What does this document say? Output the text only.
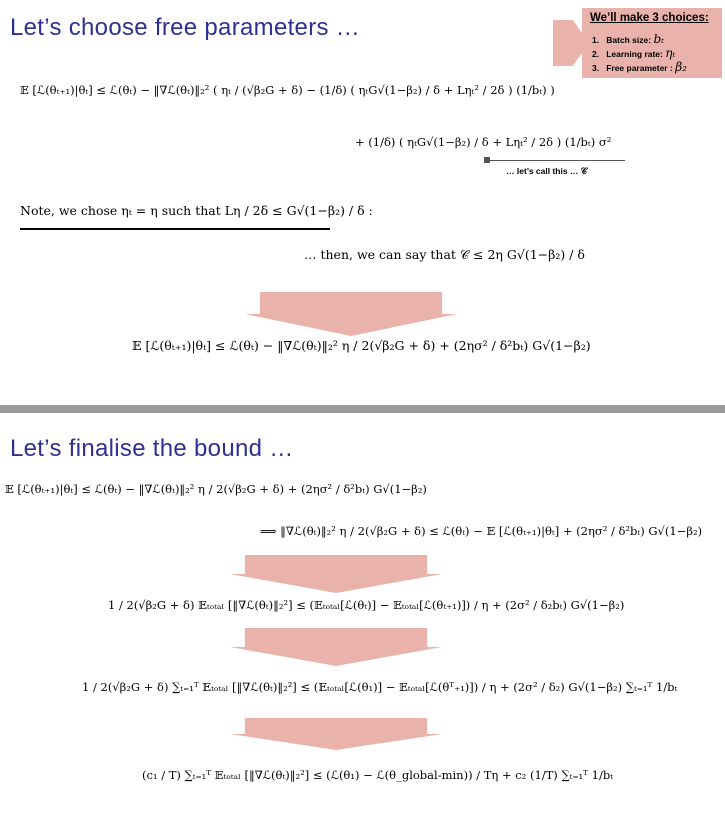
Let’s choose free parameters …	We’ll make 3 choices:
1. Batch size: bₜ
2. Learning rate: ηₜ
3. Free parameter : β₂
𝔼 [ℒ(θₜ₊₁)|θₜ] ≤ ℒ(θₜ) − ‖∇ℒ(θₜ)‖₂² ( ηₜ / (√β₂G + δ) − (1/δ) ( ηₜG√(1−β₂) / δ + Lηₜ² / 2δ ) (1/bₜ) )
+ (1/δ) ( ηₜG√(1−β₂) / δ + Lηₜ² / 2δ ) (1/bₜ) σ²
… let’s call this … 𝒞
Note, we chose ηₜ = η such that Lη / 2δ ≤ G√(1−β₂) / δ :
… then, we can say that 𝒞 ≤ 2η G√(1−β₂) / δ
𝔼 [ℒ(θₜ₊₁)|θₜ] ≤ ℒ(θₜ) − ‖∇ℒ(θₜ)‖₂² η / 2(√β₂G + δ) + (2ησ² / δ²bₜ) G√(1−β₂)
Let’s finalise the bound …
𝔼 [ℒ(θₜ₊₁)|θₜ] ≤ ℒ(θₜ) − ‖∇ℒ(θₜ)‖₂² η / 2(√β₂G + δ) + (2ησ² / δ²bₜ) G√(1−β₂)
⟹ ‖∇ℒ(θₜ)‖₂² η / 2(√β₂G + δ) ≤ ℒ(θₜ) − 𝔼 [ℒ(θₜ₊₁)|θₜ] + (2ησ² / δ²bₜ) G√(1−β₂)
1 / 2(√β₂G + δ) 𝔼ₜₒₜₐₗ [‖∇ℒ(θₜ)‖₂²] ≤ (𝔼ₜₒₜₐₗ[ℒ(θₜ)] − 𝔼ₜₒₜₐₗ[ℒ(θₜ₊₁)]) / η + (2σ² / δ₂bₜ) G√(1−β₂)
1 / 2(√β₂G + δ) ∑ₜ₌₁ᵀ 𝔼ₜₒₜₐₗ [‖∇ℒ(θₜ)‖₂²] ≤ (𝔼ₜₒₜₐₗ[ℒ(θ₁)] − 𝔼ₜₒₜₐₗ[ℒ(θᵀ₊₁)]) / η + (2σ² / δ₂) G√(1−β₂) ∑ₜ₌₁ᵀ 1/bₜ
(c₁ / T) ∑ₜ₌₁ᵀ 𝔼ₜₒₜₐₗ [‖∇ℒ(θₜ)‖₂²] ≤ (ℒ(θ₁) − ℒ(θ_global-min)) / Tη + c₂ (1/T) ∑ₜ₌₁ᵀ 1/bₜ
